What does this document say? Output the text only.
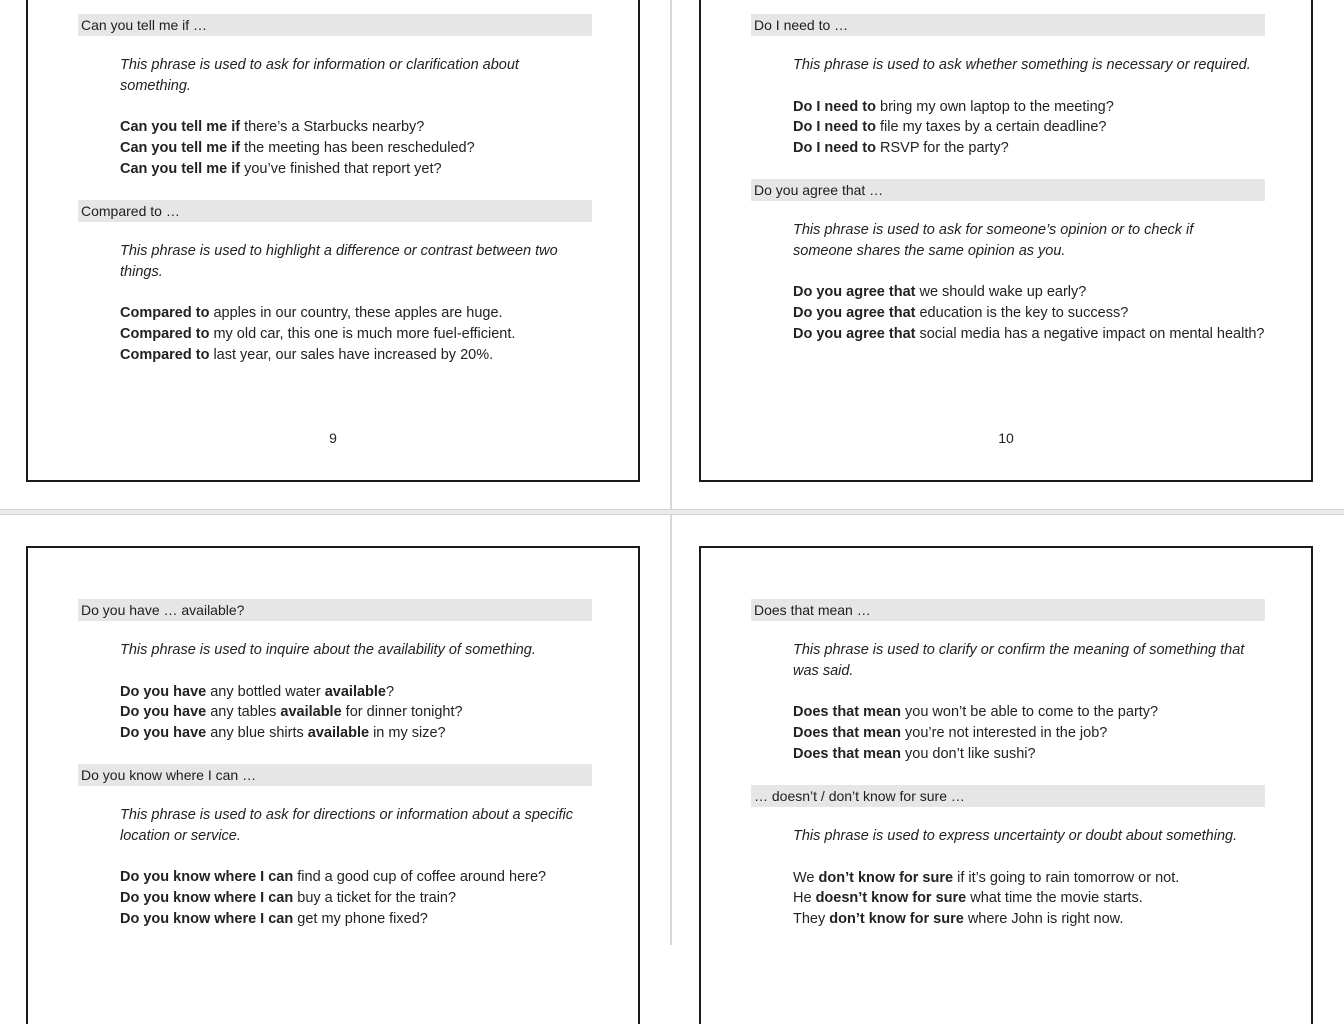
Can you tell me if …
This phrase is used to ask for information or clarification about something.
Can you tell me if there’s a Starbucks nearby?
Can you tell me if the meeting has been rescheduled?
Can you tell me if you’ve finished that report yet?
Compared to …
This phrase is used to highlight a difference or contrast between two things.
Compared to apples in our country, these apples are huge.
Compared to my old car, this one is much more fuel-efficient.
Compared to last year, our sales have increased by 20%.
9
Do I need to …
This phrase is used to ask whether something is necessary or required.
Do I need to bring my own laptop to the meeting?
Do I need to file my taxes by a certain deadline?
Do I need to RSVP for the party?
Do you agree that …
This phrase is used to ask for someone’s opinion or to check if someone shares the same opinion as you.
Do you agree that we should wake up early?
Do you agree that education is the key to success?
Do you agree that social media has a negative impact on mental health?
10
Do you have … available?
This phrase is used to inquire about the availability of something.
Do you have any bottled water available?
Do you have any tables available for dinner tonight?
Do you have any blue shirts available in my size?
Do you know where I can …
This phrase is used to ask for directions or information about a specific location or service.
Do you know where I can find a good cup of coffee around here?
Do you know where I can buy a ticket for the train?
Do you know where I can get my phone fixed?
Does that mean …
This phrase is used to clarify or confirm the meaning of something that was said.
Does that mean you won’t be able to come to the party?
Does that mean you’re not interested in the job?
Does that mean you don’t like sushi?
… doesn’t / don’t know for sure …
This phrase is used to express uncertainty or doubt about something.
We don’t know for sure if it’s going to rain tomorrow or not.
He doesn’t know for sure what time the movie starts.
They don’t know for sure where John is right now.
